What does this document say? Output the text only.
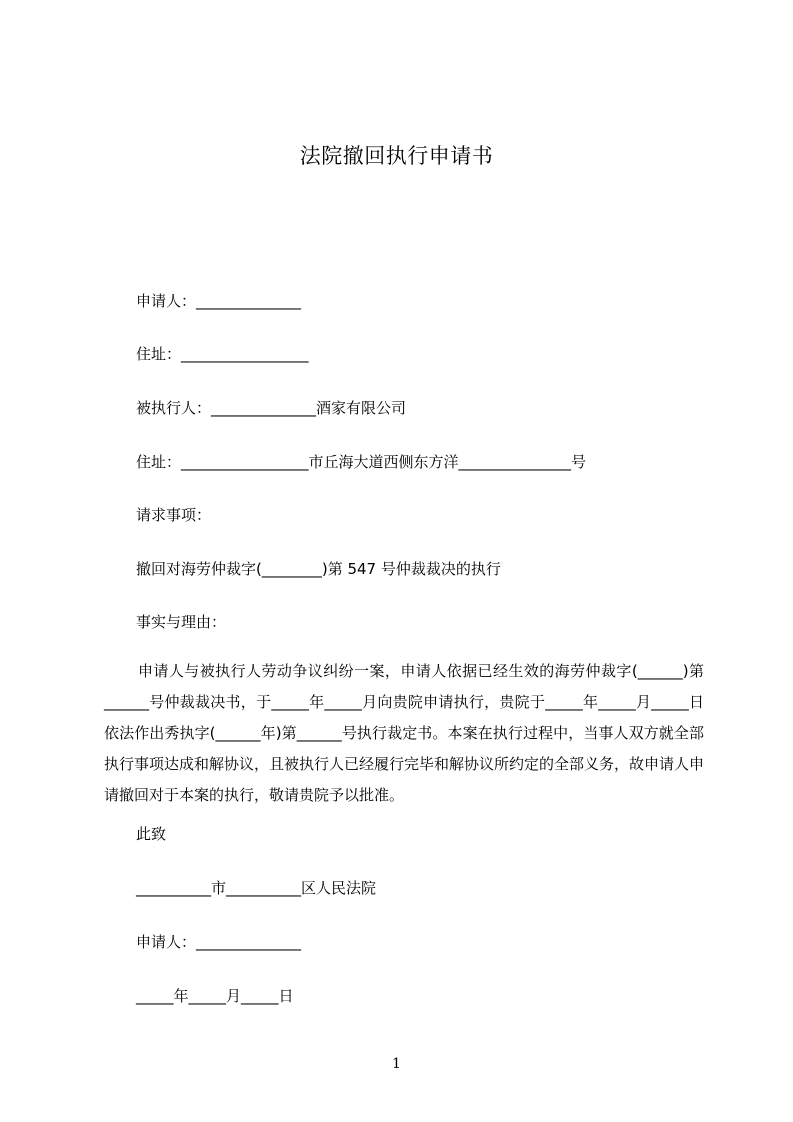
法院撤回执行申请书
申请人：______________
住址：_________________
被执行人：______________酒家有限公司
住址：_________________市丘海大道西侧东方洋_______________号
请求事项：
撤回对海劳仲裁字(________)第 547 号仲裁裁决的执行
事实与理由：
申请人与被执行人劳动争议纠纷一案，申请人依据已经生效的海劳仲裁字(______)第______号仲裁裁决书，于_____年_____月向贵院申请执行，贵院于_____年_____月_____日依法作出秀执字(______年)第______号执行裁定书。本案在执行过程中，当事人双方就全部执行事项达成和解协议，且被执行人已经履行完毕和解协议所约定的全部义务，故申请人申请撤回对于本案的执行，敬请贵院予以批准。
此致
__________市__________区人民法院
申请人：______________
_____年_____月_____日
1
